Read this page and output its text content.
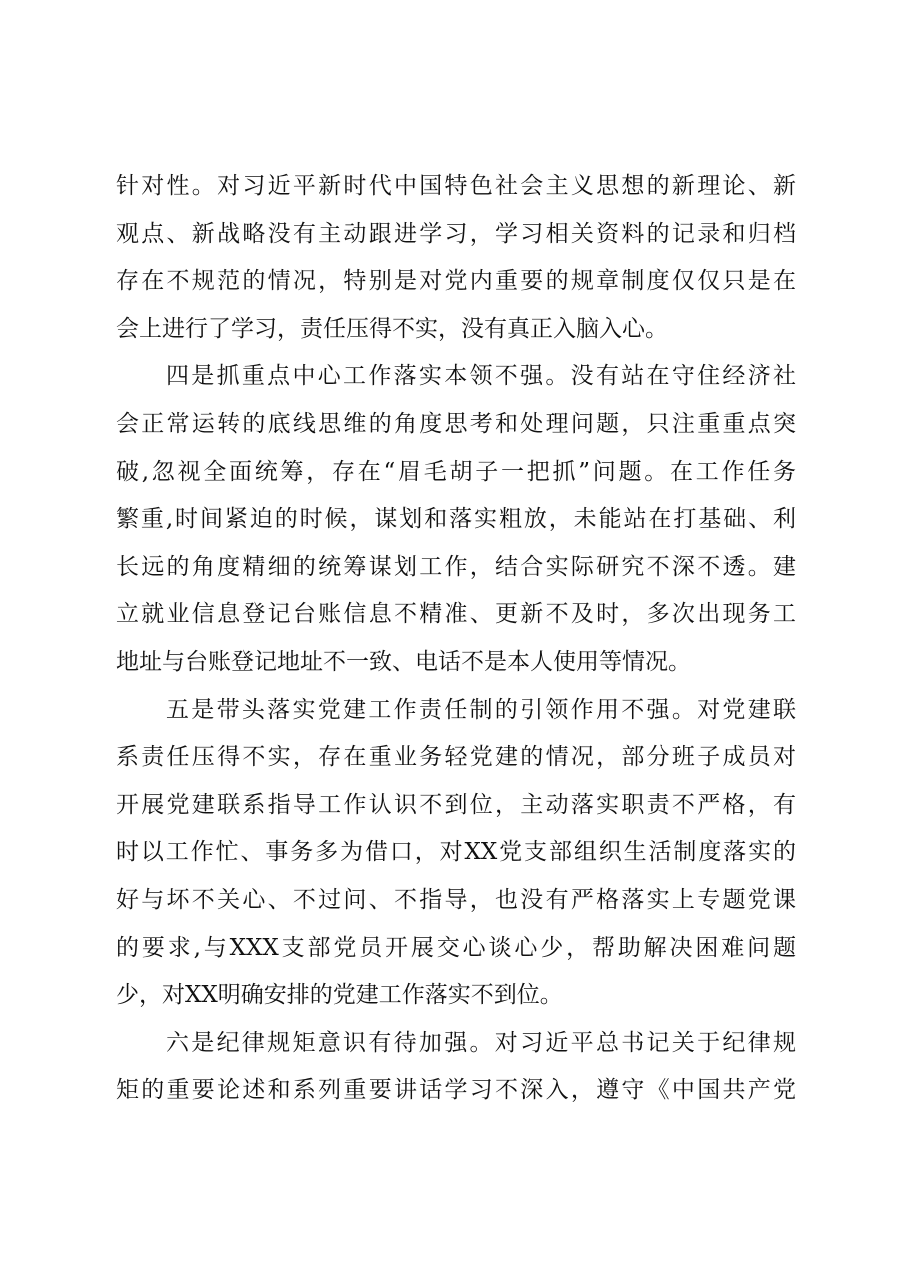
针对性。对习近平新时代中国特色社会主义思想的新理论、新
观点、新战略没有主动跟进学习，学习相关资料的记录和归档
存在不规范的情况，特别是对党内重要的规章制度仅仅只是在
会上进行了学习，责任压得不实，没有真正入脑入心。
四是抓重点中心工作落实本领不强。没有站在守住经济社
会正常运转的底线思维的角度思考和处理问题，只注重重点突
破,忽视全面统筹，存在“眉毛胡子一把抓”问题。在工作任务
繁重,时间紧迫的时候，谋划和落实粗放，未能站在打基础、利
长远的角度精细的统筹谋划工作，结合实际研究不深不透。建
立就业信息登记台账信息不精准、更新不及时，多次出现务工
地址与台账登记地址不一致、电话不是本人使用等情况。
五是带头落实党建工作责任制的引领作用不强。对党建联
系责任压得不实，存在重业务轻党建的情况，部分班子成员对
开展党建联系指导工作认识不到位，主动落实职责不严格，有
时以工作忙、事务多为借口，对XX党支部组织生活制度落实的
好与坏不关心、不过问、不指导，也没有严格落实上专题党课
的要求,与XXX支部党员开展交心谈心少，帮助解决困难问题
少，对XX明确安排的党建工作落实不到位。
六是纪律规矩意识有待加强。对习近平总书记关于纪律规
矩的重要论述和系列重要讲话学习不深入，遵守《中国共产党
